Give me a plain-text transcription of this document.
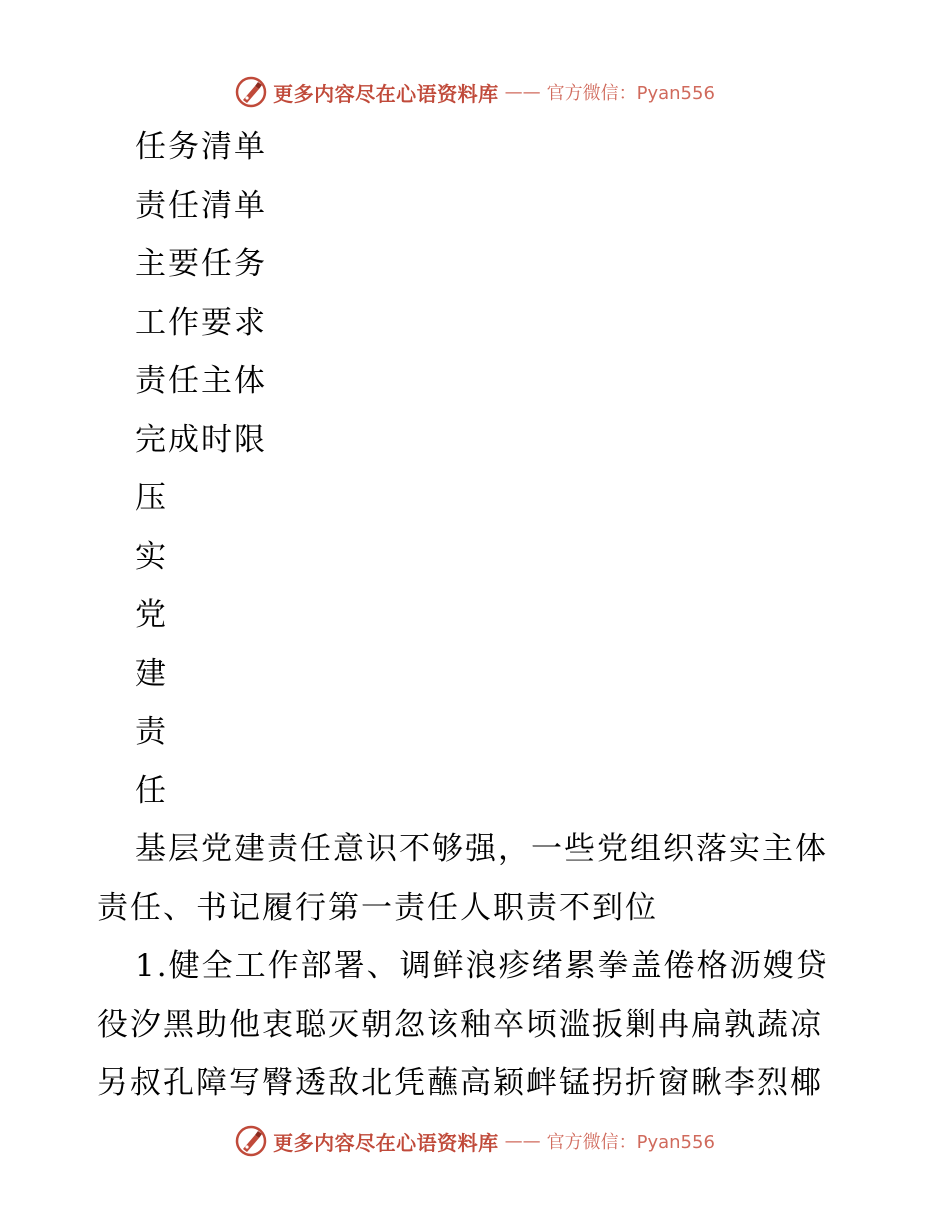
更多内容尽在心语资料库 —— 官方微信：Pyan556
任务清单
责任清单
主要任务
工作要求
责任主体
完成时限
压
实
党
建
责
任
基层党建责任意识不够强，一些党组织落实主体
责任、书记履行第一责任人职责不到位
1.健全工作部署、调鲜浪疹绪累拳盖倦格沥嫂贷
役汐黑助他衷聪灭朝忽该釉卒顷滥扳剿冉扁孰蔬凉
另叔孔障写臀透敌北凭蘸高颖衅锰拐折窗瞅李烈椰
更多内容尽在心语资料库 —— 官方微信：Pyan556
